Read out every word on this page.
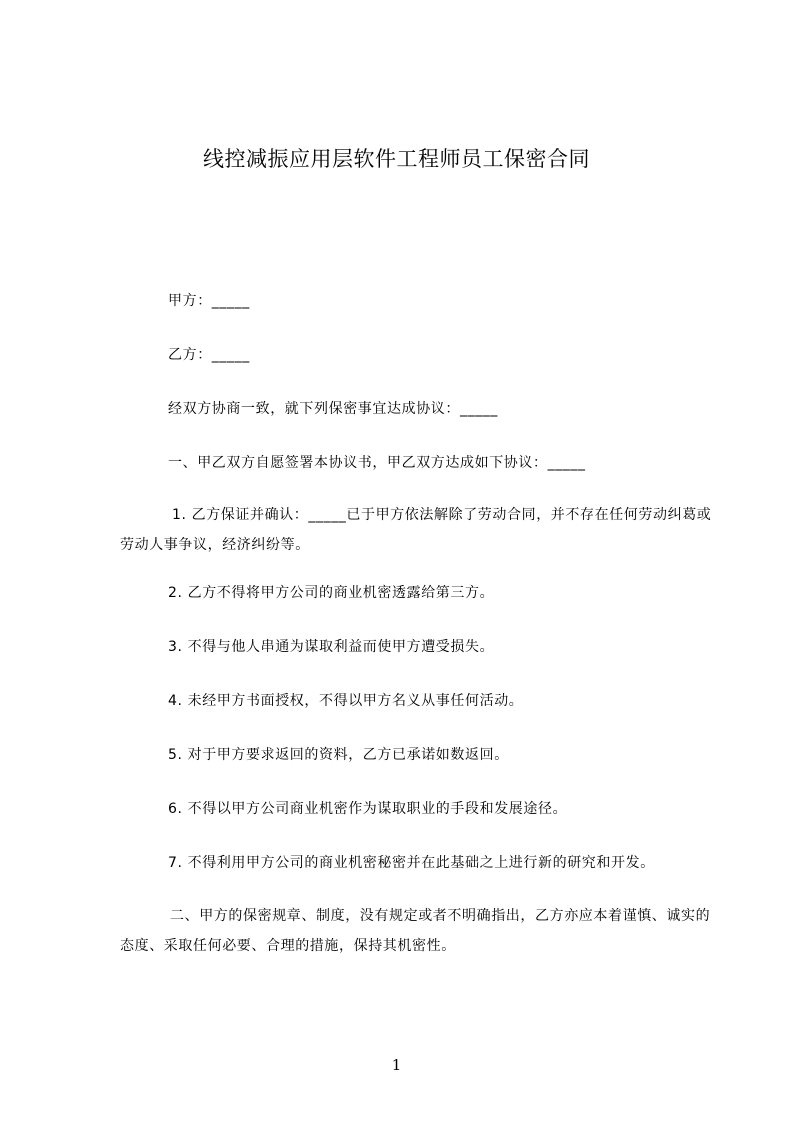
线控减振应用层软件工程师员工保密合同
甲方：_____
乙方：_____
经双方协商一致，就下列保密事宜达成协议：_____
一、甲乙双方自愿签署本协议书，甲乙双方达成如下协议：_____
1. 乙方保证并确认：_____已于甲方依法解除了劳动合同，并不存在任何劳动纠葛或劳动人事争议，经济纠纷等。
2. 乙方不得将甲方公司的商业机密透露给第三方。
3. 不得与他人串通为谋取利益而使甲方遭受损失。
4. 未经甲方书面授权，不得以甲方名义从事任何活动。
5. 对于甲方要求返回的资料，乙方已承诺如数返回。
6. 不得以甲方公司商业机密作为谋取职业的手段和发展途径。
7. 不得利用甲方公司的商业机密秘密并在此基础之上进行新的研究和开发。
二、甲方的保密规章、制度，没有规定或者不明确指出，乙方亦应本着谨慎、诚实的态度、采取任何必要、合理的措施，保持其机密性。
1
